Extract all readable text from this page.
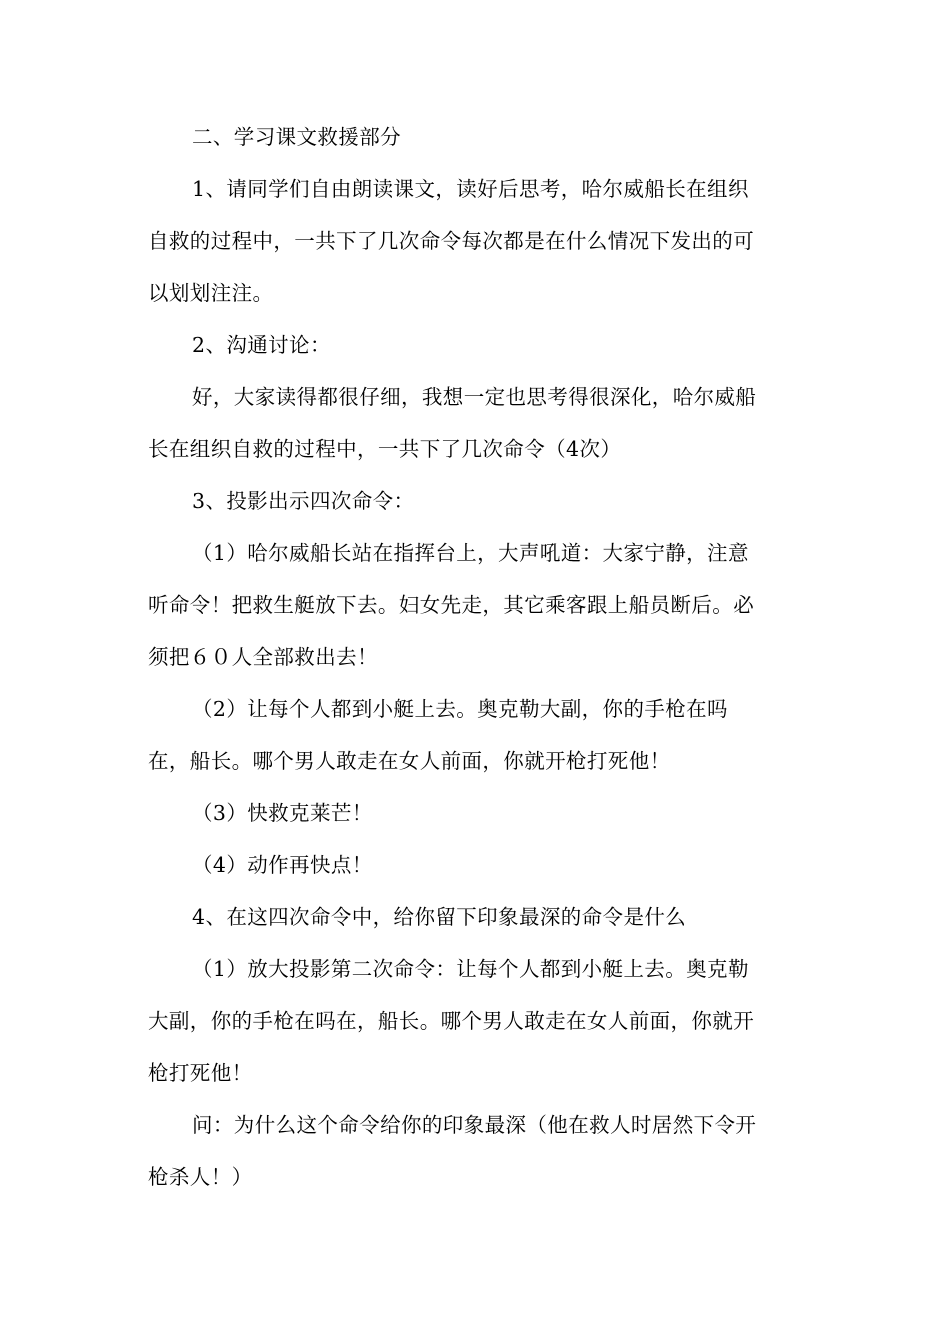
二、学习课文救援部分
1、请同学们自由朗读课文，读好后思考，哈尔威船长在组织
自救的过程中，一共下了几次命令每次都是在什么情况下发出的可
以划划注注。
2、沟通讨论：
好，大家读得都很仔细，我想一定也思考得很深化，哈尔威船
长在组织自救的过程中，一共下了几次命令（4次）
3、投影出示四次命令：
（1）哈尔威船长站在指挥台上，大声吼道：大家宁静，注意
听命令！把救生艇放下去。妇女先走，其它乘客跟上船员断后。必
须把６０人全部救出去！
（2）让每个人都到小艇上去。奥克勒大副，你的手枪在吗
在，船长。哪个男人敢走在女人前面，你就开枪打死他！
（3）快救克莱芒！
（4）动作再快点！
4、在这四次命令中，给你留下印象最深的命令是什么
（1）放大投影第二次命令：让每个人都到小艇上去。奥克勒
大副，你的手枪在吗在，船长。哪个男人敢走在女人前面，你就开
枪打死他！
问：为什么这个命令给你的印象最深（他在救人时居然下令开
枪杀人！）
